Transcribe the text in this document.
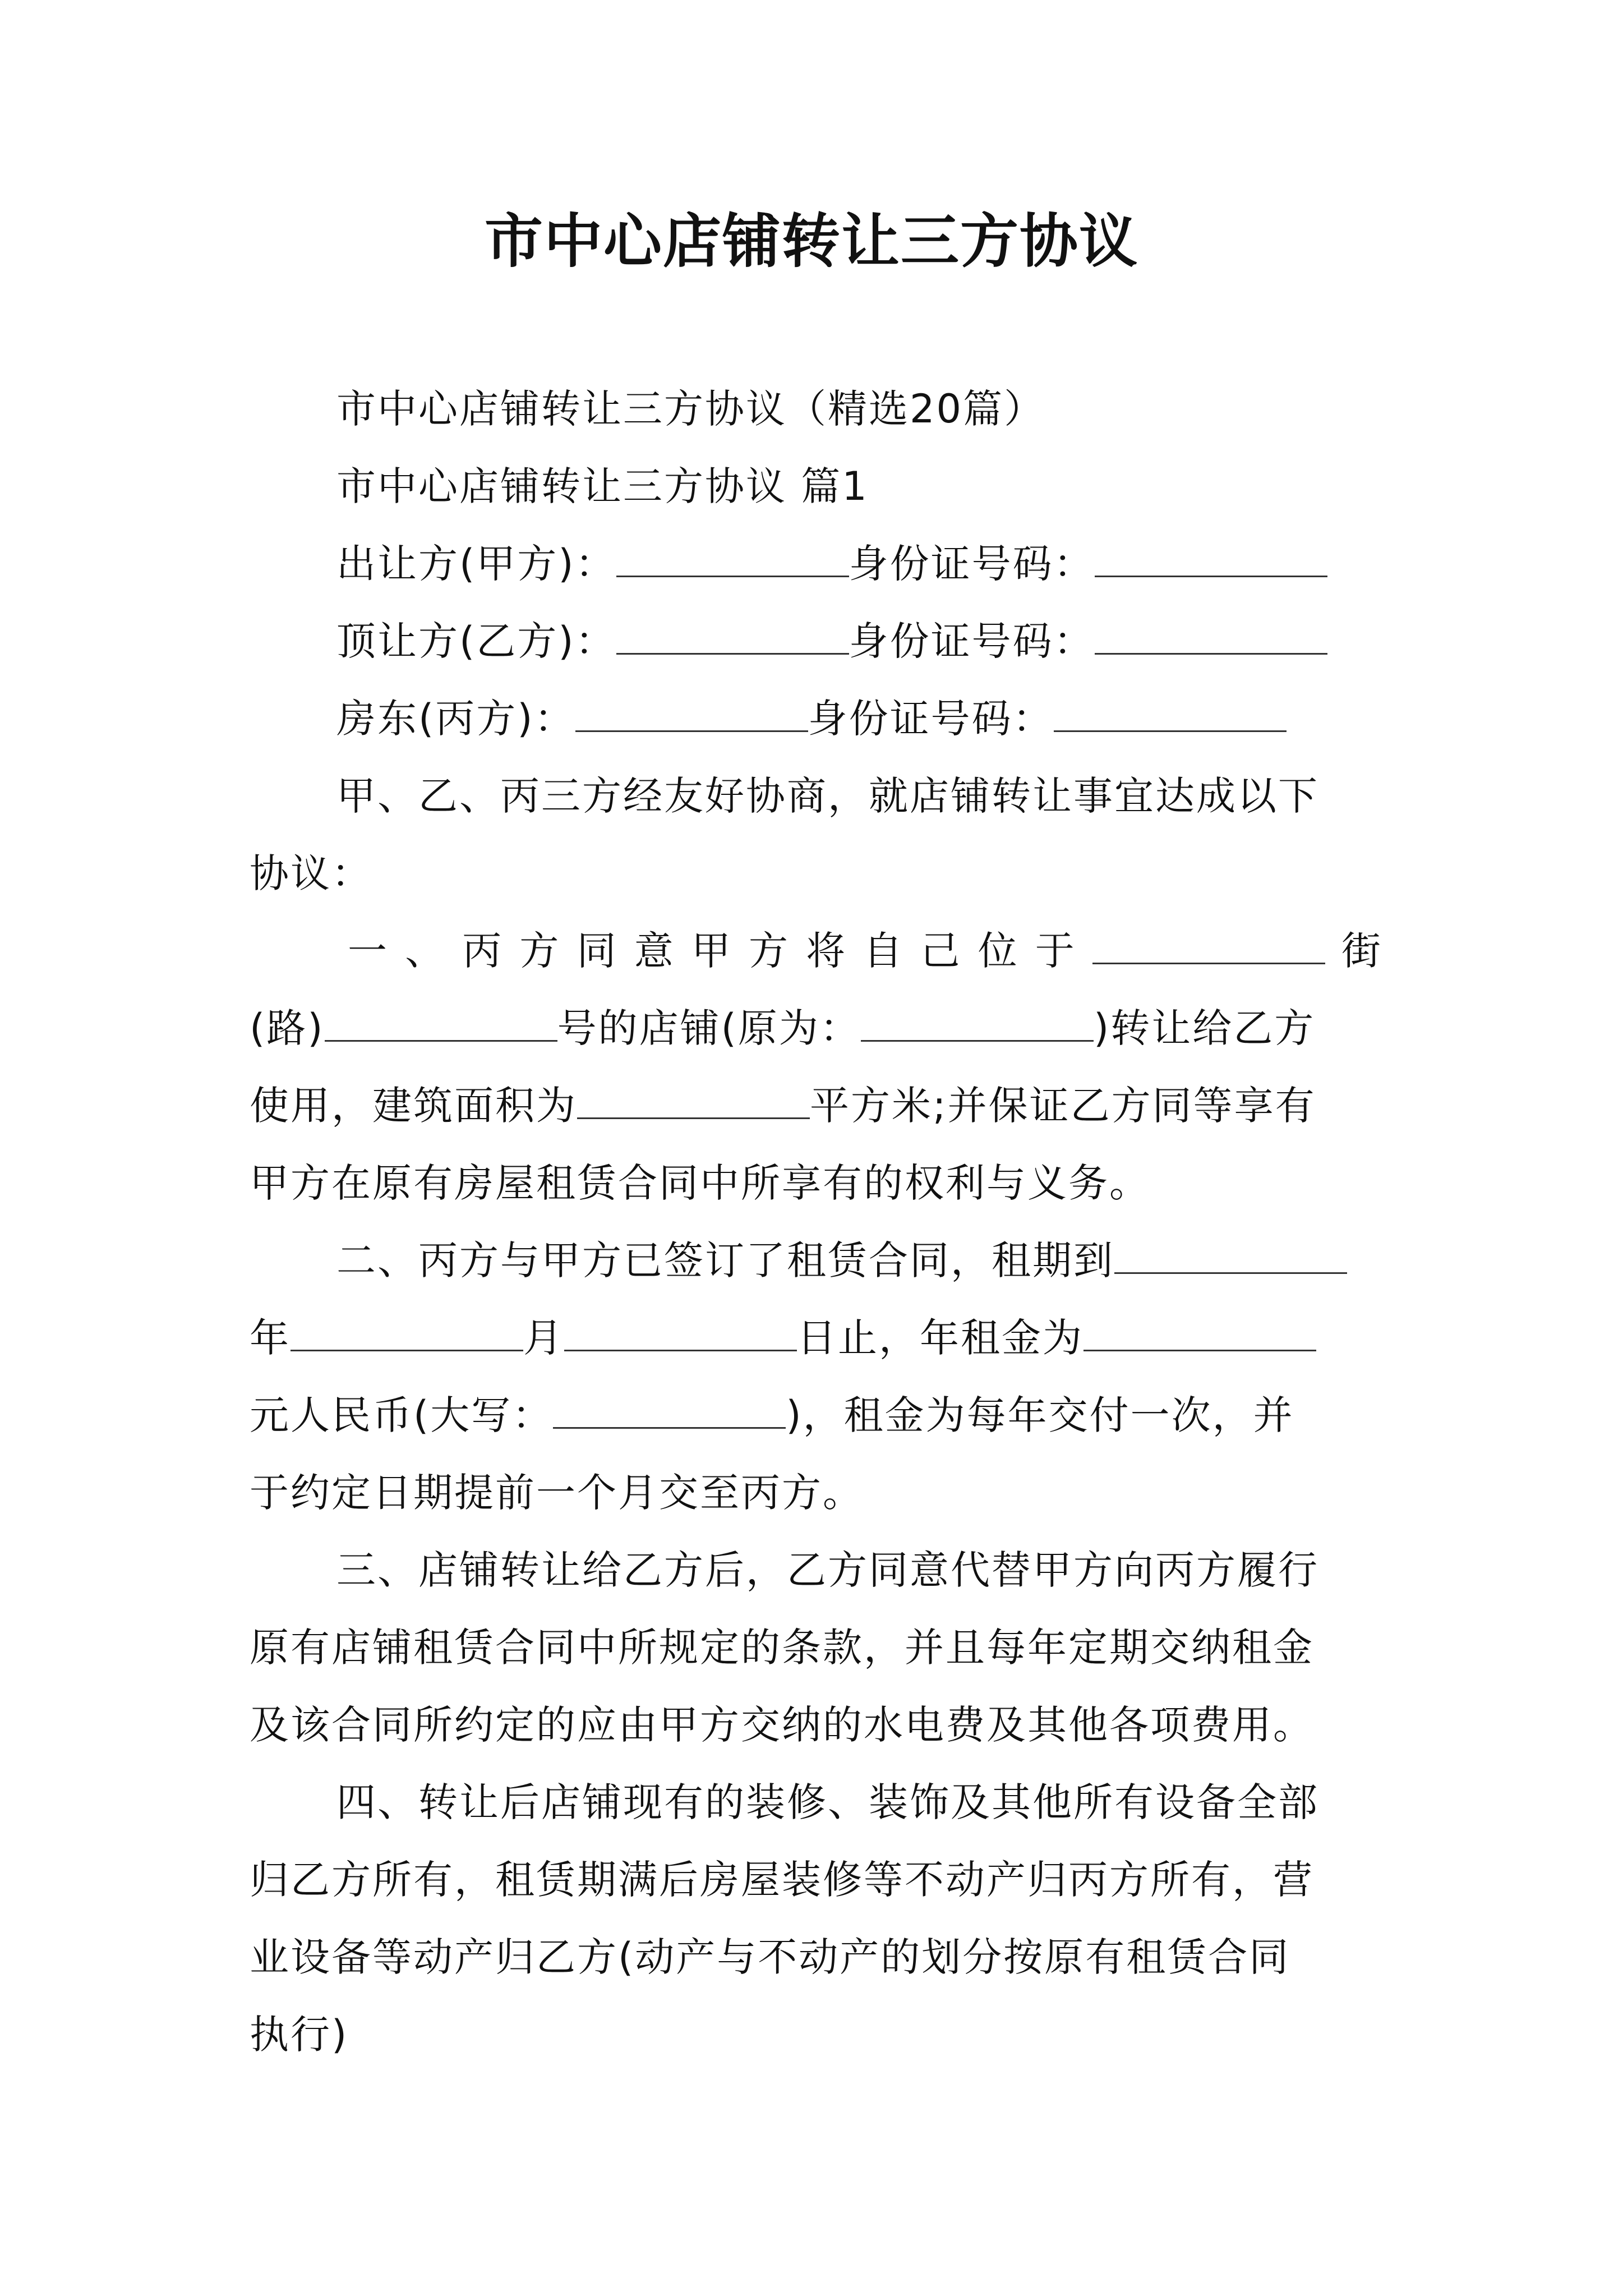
市中心店铺转让三方协议
市中心店铺转让三方协议（精选20篇）
市中心店铺转让三方协议 篇1
出让方(甲方)：	身份证号码：
顶让方(乙方)：	身份证号码：
房东(丙方)：	身份证号码：
甲、乙、丙三方经友好协商，就店铺转让事宜达成以下
协议：
一、丙方同意甲方将自己位于	街
(路)	号的店铺(原为：	)转让给乙方
使用，建筑面积为	平方米;并保证乙方同等享有
甲方在原有房屋租赁合同中所享有的权利与义务。
二、丙方与甲方已签订了租赁合同，租期到
年	月	日止，年租金为
元人民币(大写：	)，租金为每年交付一次，并
于约定日期提前一个月交至丙方。
三、店铺转让给乙方后，乙方同意代替甲方向丙方履行
原有店铺租赁合同中所规定的条款，并且每年定期交纳租金
及该合同所约定的应由甲方交纳的水电费及其他各项费用。
四、转让后店铺现有的装修、装饰及其他所有设备全部
归乙方所有，租赁期满后房屋装修等不动产归丙方所有，营
业设备等动产归乙方(动产与不动产的划分按原有租赁合同
执行)
